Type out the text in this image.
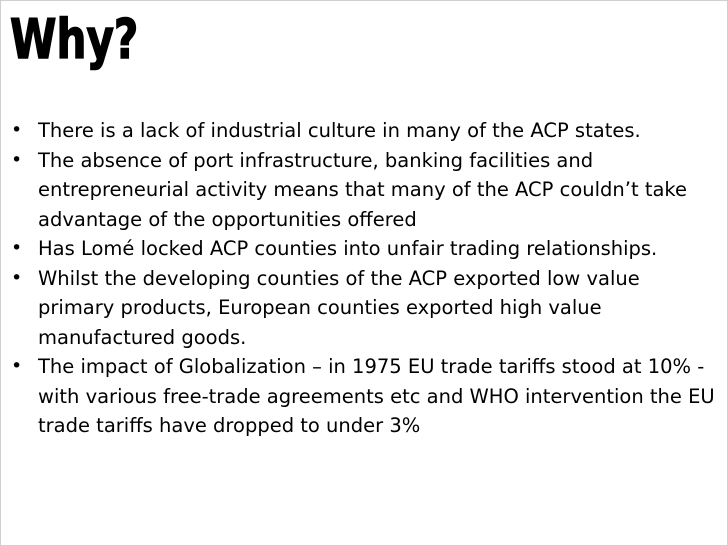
Why?
• There is a lack of industrial culture in many of the ACP states.
• The absence of port infrastructure, banking facilities and entrepreneurial activity means that many of the ACP couldn’t take advantage of the opportunities offered
• Has Lomé locked ACP counties into unfair trading relationships.
• Whilst the developing counties of the ACP exported low value primary products, European counties exported high value manufactured goods.
• The impact of Globalization – in 1975 EU trade tariffs stood at 10% - with various free-trade agreements etc and WHO intervention the EU trade tariffs have dropped to under 3%
